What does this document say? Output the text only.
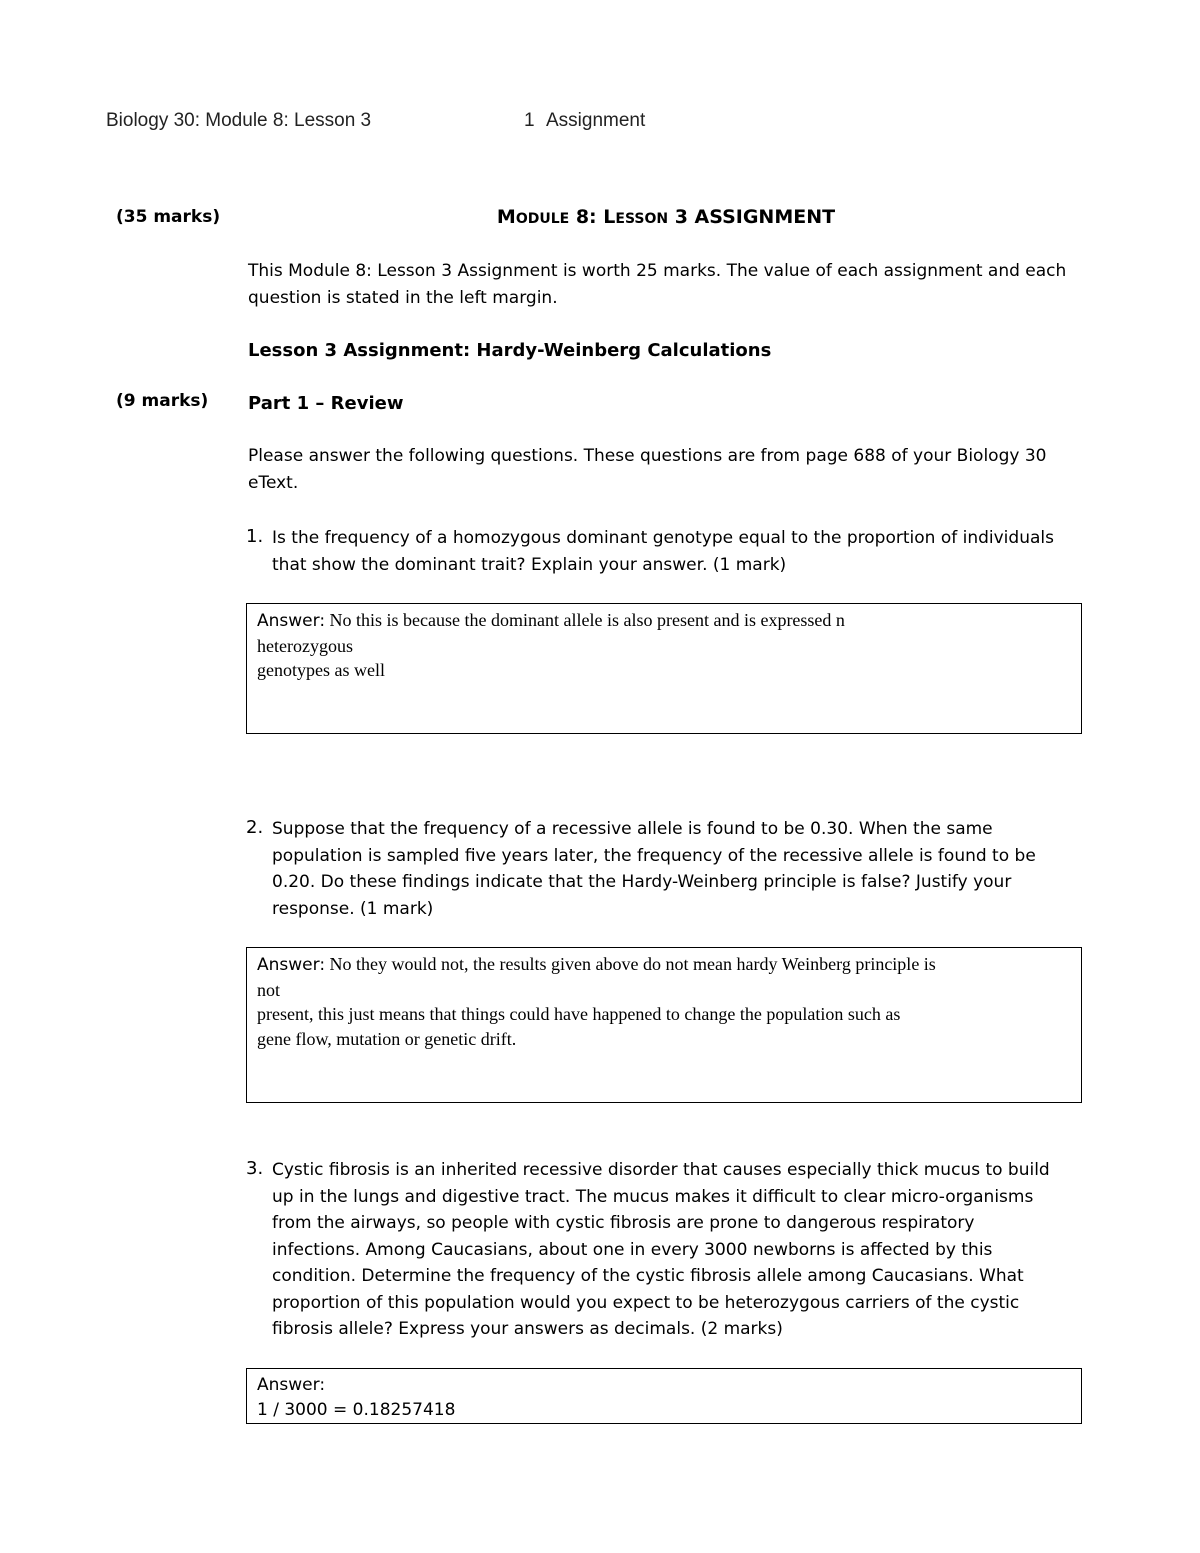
Biology 30: Module 8: Lesson 3	1 Assignment
(35 marks)	MODULE 8: LESSON 3 ASSIGNMENT
This Module 8: Lesson 3 Assignment is worth 25 marks. The value of each assignment and each
question is stated in the left margin.
Lesson 3 Assignment: Hardy-Weinberg Calculations
(9 marks) Part 1 – Review
Please answer the following questions. These questions are from page 688 of your Biology 30
eText.
1. Is the frequency of a homozygous dominant genotype equal to the proportion of individuals
that show the dominant trait? Explain your answer. (1 mark)
Answer: No this is because the dominant allele is also present and is expressed n
heterozygous
genotypes as well
2. Suppose that the frequency of a recessive allele is found to be 0.30. When the same
population is sampled five years later, the frequency of the recessive allele is found to be
0.20. Do these findings indicate that the Hardy-Weinberg principle is false? Justify your
response. (1 mark)
Answer: No they would not, the results given above do not mean hardy Weinberg principle is
not
present, this just means that things could have happened to change the population such as
gene flow, mutation or genetic drift.
3. Cystic fibrosis is an inherited recessive disorder that causes especially thick mucus to build
up in the lungs and digestive tract. The mucus makes it difficult to clear micro-organisms
from the airways, so people with cystic fibrosis are prone to dangerous respiratory
infections. Among Caucasians, about one in every 3000 newborns is affected by this
condition. Determine the frequency of the cystic fibrosis allele among Caucasians. What
proportion of this population would you expect to be heterozygous carriers of the cystic
fibrosis allele? Express your answers as decimals. (2 marks)
Answer:
1 / 3000 = 0.18257418
